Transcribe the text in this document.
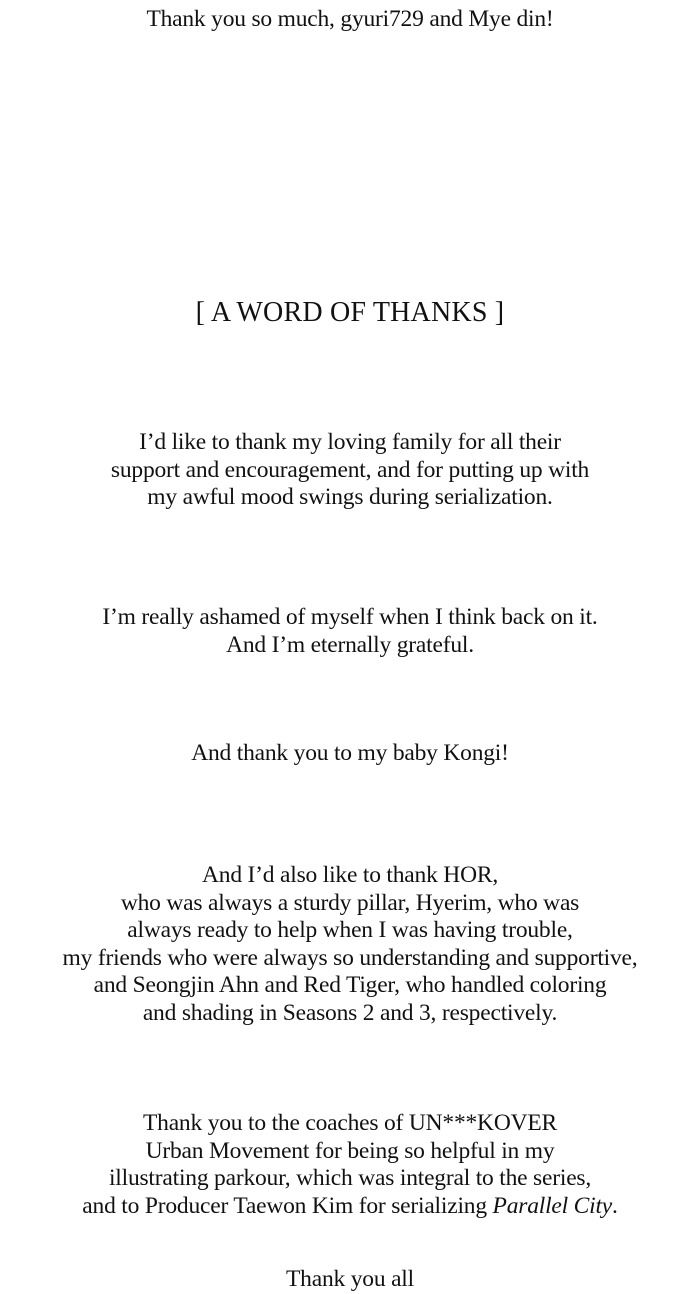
Thank you so much, gyuri729 and Mye din!
[ A WORD OF THANKS ]
I’d like to thank my loving family for all their
support and encouragement, and for putting up with
my awful mood swings during serialization.
I’m really ashamed of myself when I think back on it.
And I’m eternally grateful.
And thank you to my baby Kongi!
And I’d also like to thank HOR,
who was always a sturdy pillar, Hyerim, who was
always ready to help when I was having trouble,
my friends who were always so understanding and supportive,
and Seongjin Ahn and Red Tiger, who handled coloring
and shading in Seasons 2 and 3, respectively.
Thank you to the coaches of UN***KOVER
Urban Movement for being so helpful in my
illustrating parkour, which was integral to the series,
and to Producer Taewon Kim for serializing Parallel City.
Thank you all
